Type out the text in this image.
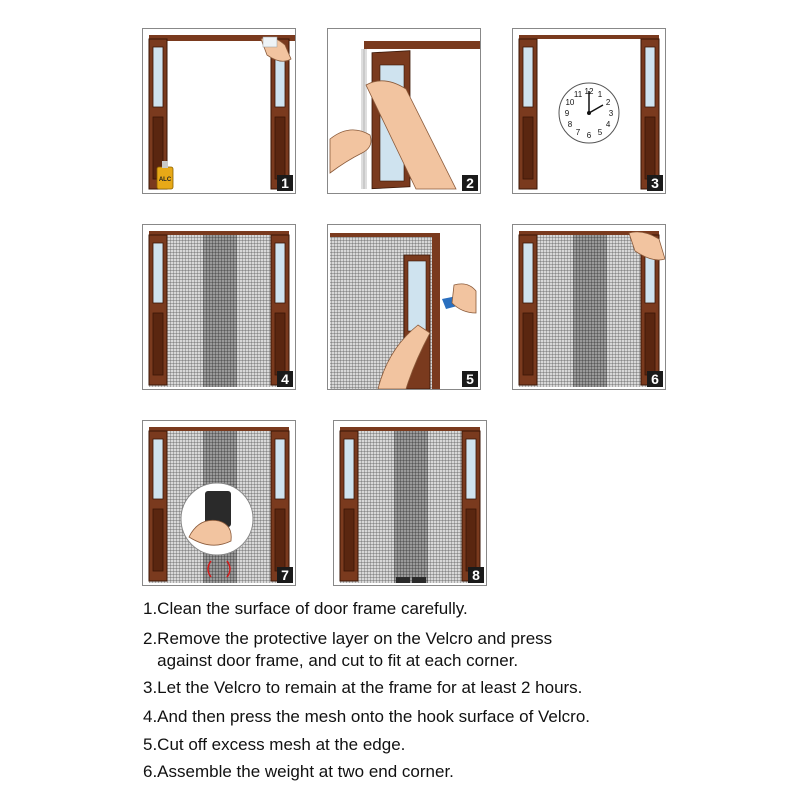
ALC	1	2
12 1
2
3
4
5
6
7
8
9
10
11
3
4	5	6
7	8
1.Clean the surface of door frame carefully.
2.Remove the protective layer on the Velcro and press
against door frame, and cut to fit at each corner.
3.Let the Velcro to remain at the frame for at least 2 hours.
4.And then press the mesh onto the hook surface of Velcro.
5.Cut off excess mesh at the edge.
6.Assemble the weight at two end corner.
